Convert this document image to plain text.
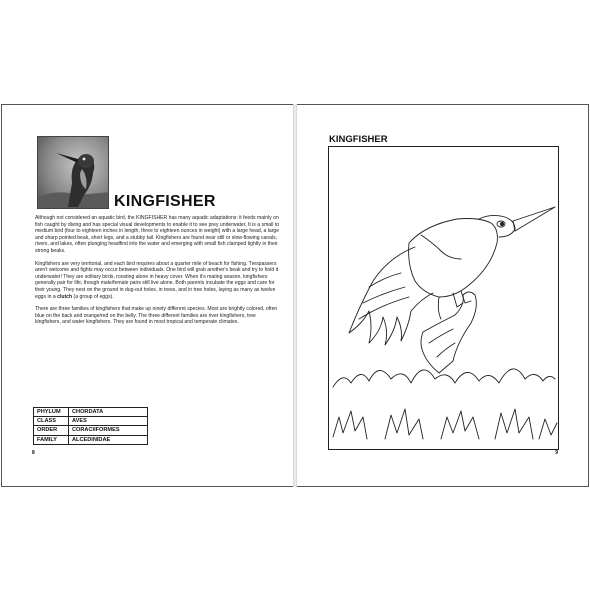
KINGFISHER

Although not considered an aquatic bird, the KINGFISHER has many aquatic adaptations: it feeds mainly on fish caught by diving and has special visual developments to enable it to see prey underwater. It is a small to medium bird (four to eighteen inches in length, three to eighteen ounces in weight) with a large head, a large and sharp pointed beak, short legs, and a stubby tail. Kingfishers are found near still or slow-flowing canals, rivers, and lakes, often plunging headfirst into the water and emerging with small fish clamped tightly in their strong beaks.

Kingfishers are very territorial, and each bird requires about a quarter mile of beach for fishing. Trespassers aren't welcome and fights may occur between individuals. One bird will grab another's beak and try to hold it underwater! They are solitary birds, roosting alone in heavy cover. When it's mating season, kingfishers generally pair for life, though male/female pairs still live alone. Both parents incubate the eggs and care for their young. They nest on the ground in dug-out holes, in trees, and in tree holes, laying as many as twelve eggs in a clutch (a group of eggs).

There are three families of kingfishers that make up ninety different species. Most are brightly colored, often blue on the back and orange/red on the belly. The three different families are river kingfishers, tree kingfishers, and water kingfishers. They are found in most tropical and temperate climates.

PHYLUM	CHORDATA
CLASS	AVES
ORDER	CORACIIFORMES
FAMILY	ALCEDINIDAE
8
KINGFISHER
9
